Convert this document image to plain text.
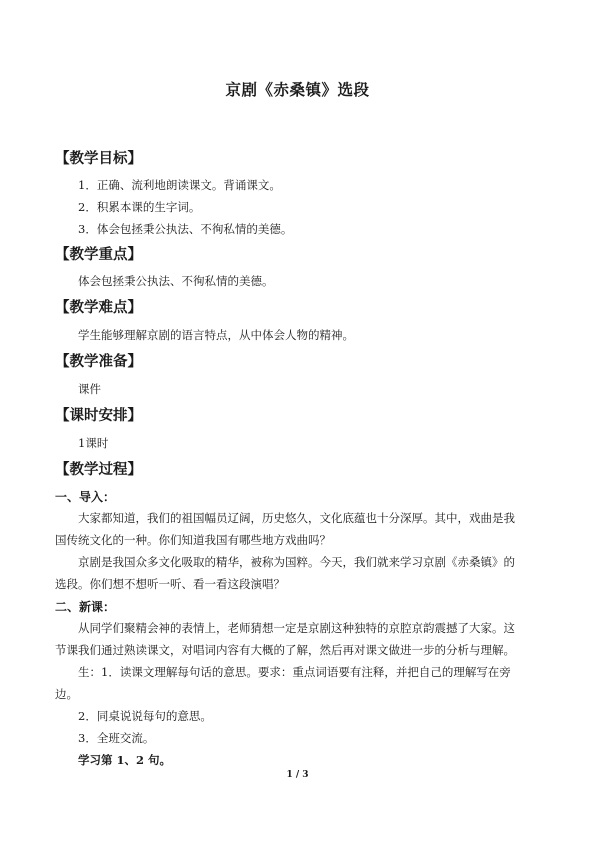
京剧《赤桑镇》选段
【教学目标】
1．正确、流利地朗读课文。背诵课文。
2．积累本课的生字词。
3．体会包拯秉公执法、不徇私情的美德。
【教学重点】
体会包拯秉公执法、不徇私情的美德。
【教学难点】
学生能够理解京剧的语言特点，从中体会人物的精神。
【教学准备】
课件
【课时安排】
1课时
【教学过程】
一、导入：
大家都知道，我们的祖国幅员辽阔，历史悠久，文化底蕴也十分深厚。其中，戏曲是我
国传统文化的一种。你们知道我国有哪些地方戏曲吗？
京剧是我国众多文化吸取的精华，被称为国粹。今天，我们就来学习京剧《赤桑镇》的
选段。你们想不想听一听、看一看这段演唱？
二、新课：
从同学们聚精会神的表情上，老师猜想一定是京剧这种独特的京腔京韵震撼了大家。这
节课我们通过熟读课文，对唱词内容有大概的了解，然后再对课文做进一步的分析与理解。
生：1．读课文理解每句话的意思。要求：重点词语要有注释，并把自己的理解写在旁
边。
2．同桌说说每句的意思。
3．全班交流。
学习第 1、2 句。
1 / 3
